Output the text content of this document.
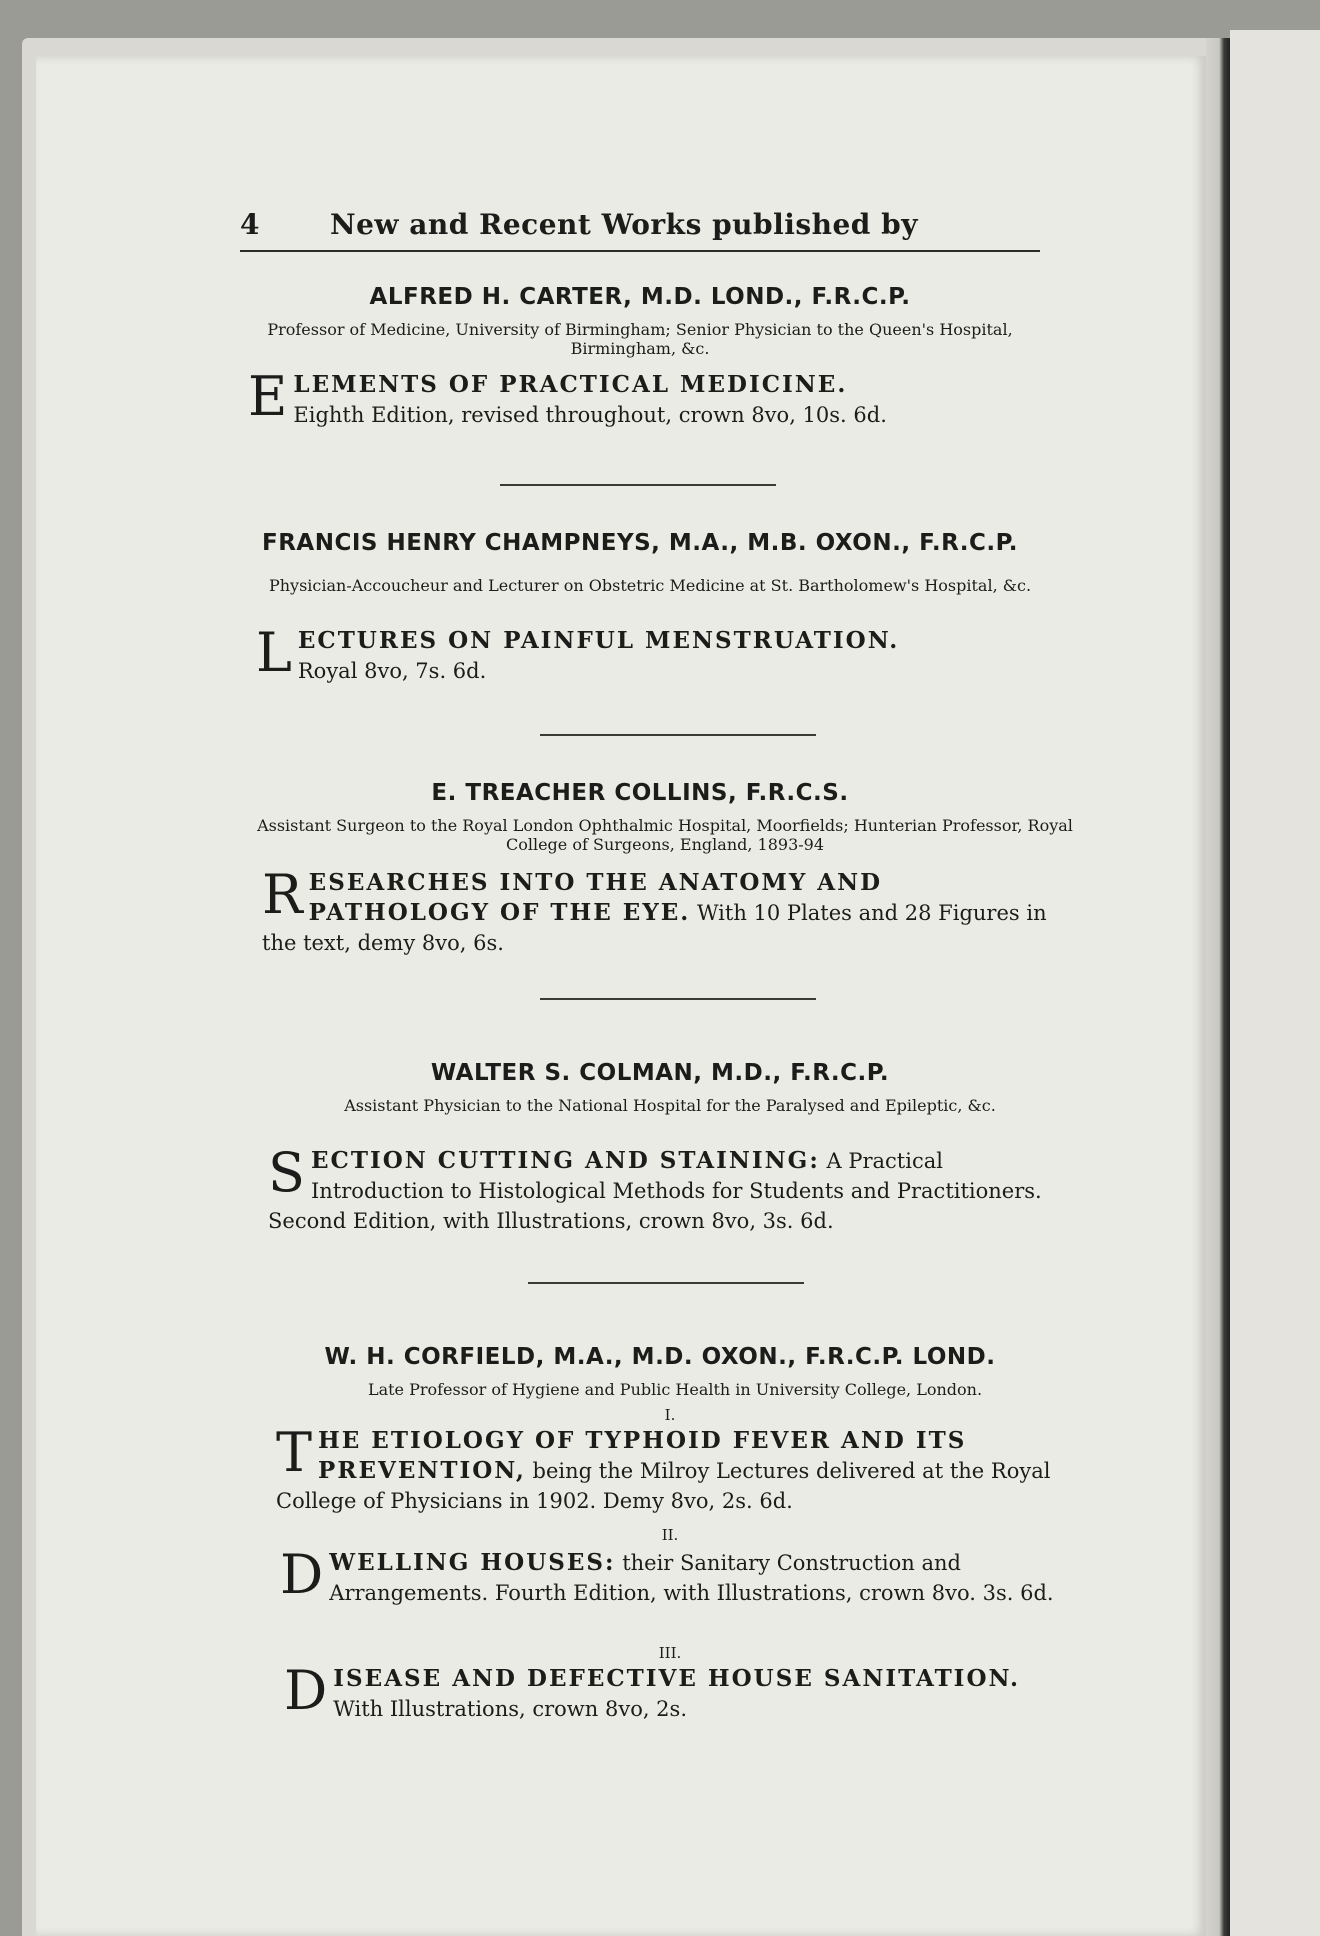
4	New and Recent Works published by
ALFRED H. CARTER, M.D. LOND., F.R.C.P.
Professor of Medicine, University of Birmingham; Senior Physician to the Queen's Hospital, Birmingham, &c.
E LEMENTS OF PRACTICAL MEDICINE.
Eighth Edition, revised throughout, crown 8vo, 10s. 6d.
FRANCIS HENRY CHAMPNEYS, M.A., M.B. OXON., F.R.C.P.
Physician-Accoucheur and Lecturer on Obstetric Medicine at St. Bartholomew's Hospital, &c.
L ECTURES ON PAINFUL MENSTRUATION.
Royal 8vo, 7s. 6d.
E. TREACHER COLLINS, F.R.C.S.
Assistant Surgeon to the Royal London Ophthalmic Hospital, Moorfields; Hunterian Professor, Royal College of Surgeons, England, 1893-94
R ESEARCHES INTO THE ANATOMY AND PATHOLOGY OF THE EYE. With 10 Plates and 28 Figures in the text, demy 8vo, 6s.
WALTER S. COLMAN, M.D., F.R.C.P.
Assistant Physician to the National Hospital for the Paralysed and Epileptic, &c.
S ECTION CUTTING AND STAINING: A Practical Introduction to Histological Methods for Students and Practitioners. Second Edition, with Illustrations, crown 8vo, 3s. 6d.
W. H. CORFIELD, M.A., M.D. OXON., F.R.C.P. LOND.
Late Professor of Hygiene and Public Health in University College, London.
I.
T HE ETIOLOGY OF TYPHOID FEVER AND ITS PREVENTION, being the Milroy Lectures delivered at the Royal College of Physicians in 1902. Demy 8vo, 2s. 6d.
II.
D WELLING HOUSES: their Sanitary Construction and Arrangements. Fourth Edition, with Illustrations, crown 8vo. 3s. 6d.
III.
D ISEASE AND DEFECTIVE HOUSE SANITATION.
With Illustrations, crown 8vo, 2s.
